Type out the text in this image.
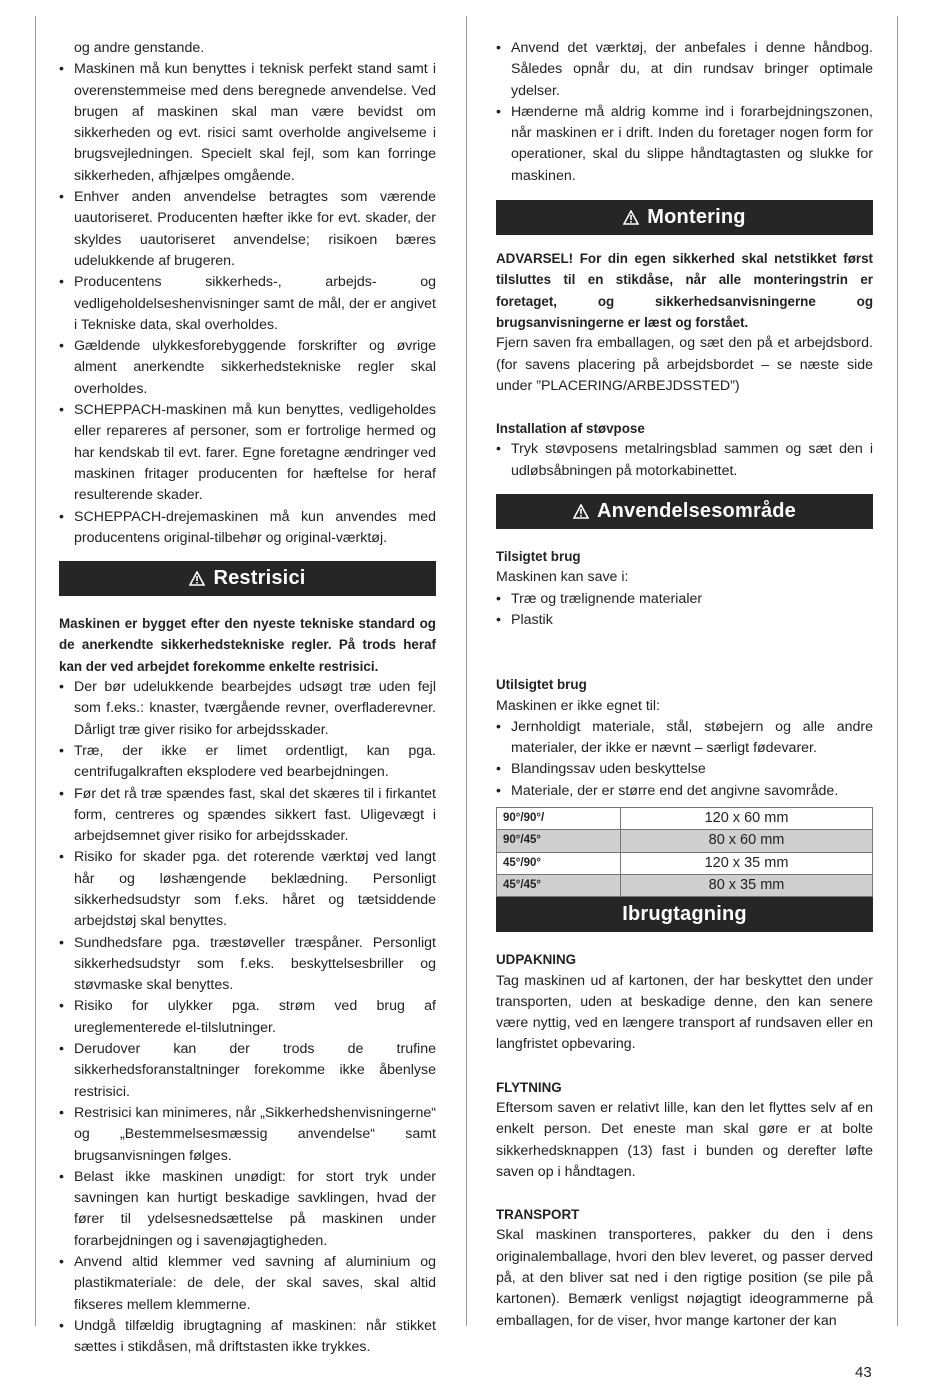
og andre genstande.

• Maskinen må kun benyttes i teknisk perfekt stand samt i overenstemmeise med dens beregnede anvendelse. Ved brugen af maskinen skal man være bevidst om sikkerheden og evt. risici samt overholde angivelseme i brugsvejledningen. Specielt skal fejl, som kan forringe sikkerheden, afhjælpes omgående.
• Enhver anden anvendelse betragtes som værende uautoriseret. Producenten hæfter ikke for evt. skader, der skyldes uautoriseret anvendelse; risikoen bæres udelukkende af brugeren.
• Producentens sikkerheds-, arbejds- og vedligeholdelseshenvisninger samt de mål, der er angivet i Tekniske data, skal overholdes.
• Gældende ulykkesforebyggende forskrifter og øvrige alment anerkendte sikkerhedstekniske regler skal overholdes.
• SCHEPPACH-maskinen må kun benyttes, vedligeholdes eller repareres af personer, som er fortrolige hermed og har kendskab til evt. farer. Egne foretagne ændringer ved maskinen fritager producenten for hæftelse for heraf resulterende skader.
• SCHEPPACH-drejemaskinen må kun anvendes med producentens original-tilbehør og original-værktøj.
Restrisici

Maskinen er bygget efter den nyeste tekniske standard og de anerkendte sikkerhedstekniske regler. På trods heraf kan der ved arbejdet forekomme enkelte restrisici.

• Der bør udelukkende bearbejdes udsøgt træ uden fejl som f.eks.: knaster, tværgående revner, overfladerevner. Dårligt træ giver risiko for arbejdsskader.
• Træ, der ikke er limet ordentligt, kan pga. centrifugalkraften eksplodere ved bearbejdningen.
• Før det rå træ spændes fast, skal det skæres til i firkantet form, centreres og spændes sikkert fast. Uligevægt i arbejdsemnet giver risiko for arbejdsskader.
• Risiko for skader pga. det roterende værktøj ved langt hår og løshængende beklædning. Personligt sikkerhedsudstyr som f.eks. håret og tætsiddende arbejdstøj skal benyttes.
• Sundhedsfare pga. træstøveller træspåner. Personligt sikkerhedsudstyr som f.eks. beskyttelsesbriller og støvmaske skal benyttes.
• Risiko for ulykker pga. strøm ved brug af ureglementerede el-tilslutninger.
• Derudover kan der trods de trufine sikkerhedsforanstaltninger forekomme ikke åbenlyse restrisici.
• Restrisici kan minimeres, når „Sikkerhedshenvisningerne“ og „Bestemmelsesmæssig anvendelse“ samt brugsanvisningen følges.
• Belast ikke maskinen unødigt: for stort tryk under savningen kan hurtigt beskadige savklingen, hvad der fører til ydelsesnedsættelse på maskinen under forarbejdningen og i savenøjagtigheden.
• Anvend altid klemmer ved savning af aluminium og plastikmateriale: de dele, der skal saves, skal altid fikseres mellem klemmerne.
• Undgå tilfældig ibrugtagning af maskinen: når stikket sættes i stikdåsen, må driftstasten ikke trykkes.
• Anvend det værktøj, der anbefales i denne håndbog. Således opnår du, at din rundsav bringer optimale ydelser.
• Hænderne må aldrig komme ind i forarbejdningszonen, når maskinen er i drift. Inden du foretager nogen form for operationer, skal du slippe håndtagtasten og slukke for maskinen.
Montering

ADVARSEL! For din egen sikkerhed skal netstikket først tilsluttes til en stikdåse, når alle monteringstrin er foretaget, og sikkerhedsanvisningerne og brugsanvisningerne er læst og forstået.

Fjern saven fra emballagen, og sæt den på et arbejdsbord. (for savens placering på arbejdsbordet – se næste side under ”PLACERING/ARBEJDSSTED”)

Installation af støvpose

• Tryk støvposens metalringsblad sammen og sæt den i udløbsåbningen på motorkabinettet.
Anvendelsesområde

Tilsigtet brug

Maskinen kan save i:

• Træ og trælignende materialer
• Plastik

Utilsigtet brug

Maskinen er ikke egnet til:

• Jernholdigt materiale, stål, støbejern og alle andre materialer, der ikke er nævnt – særligt fødevarer.
• Blandingssav uden beskyttelse
• Materiale, der er større end det angivne savområde.
90°/90°/	120 x 60 mm
90°/45°	80 x 60 mm
45°/90°	120 x 35 mm
45°/45°	80 x 35 mm
Ibrugtagning

UDPAKNING

Tag maskinen ud af kartonen, der har beskyttet den under transporten, uden at beskadige denne, den kan senere være nyttig, ved en længere transport af rundsaven eller en langfristet opbevaring.

FLYTNING

Eftersom saven er relativt lille, kan den let flyttes selv af en enkelt person. Det eneste man skal gøre er at bolte sikkerhedsknappen (13) fast i bunden og derefter løfte saven op i håndtagen.

TRANSPORT

Skal maskinen transporteres, pakker du den i dens originalemballage, hvori den blev leveret, og passer derved på, at den bliver sat ned i den rigtige position (se pile på kartonen). Bemærk venligst nøjagtigt ideogrammerne på emballagen, for de viser, hvor mange kartoner der kan

43
